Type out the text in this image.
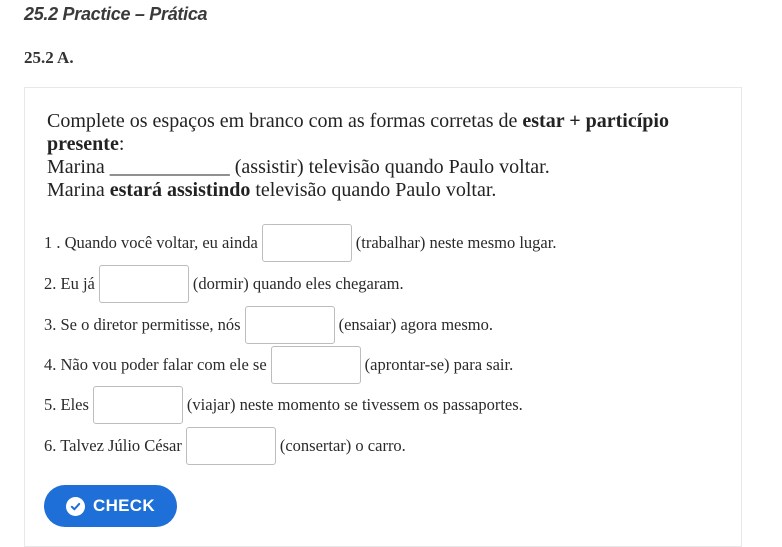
25.2 Practice – Prática
25.2 A.
Complete os espaços em branco com as formas corretas de estar + particípio presente:
Marina ____________ (assistir) televisão quando Paulo voltar.
Marina estará assistindo televisão quando Paulo voltar.
1 . Quando você voltar, eu ainda	(trabalhar) neste mesmo lugar.
2. Eu já	(dormir) quando eles chegaram.
3. Se o diretor permitisse, nós	(ensaiar) agora mesmo.
4. Não vou poder falar com ele se	(aprontar-se) para sair.
5. Eles	(viajar) neste momento se tivessem os passaportes.
6. Talvez Júlio César	(consertar) o carro.
CHECK
